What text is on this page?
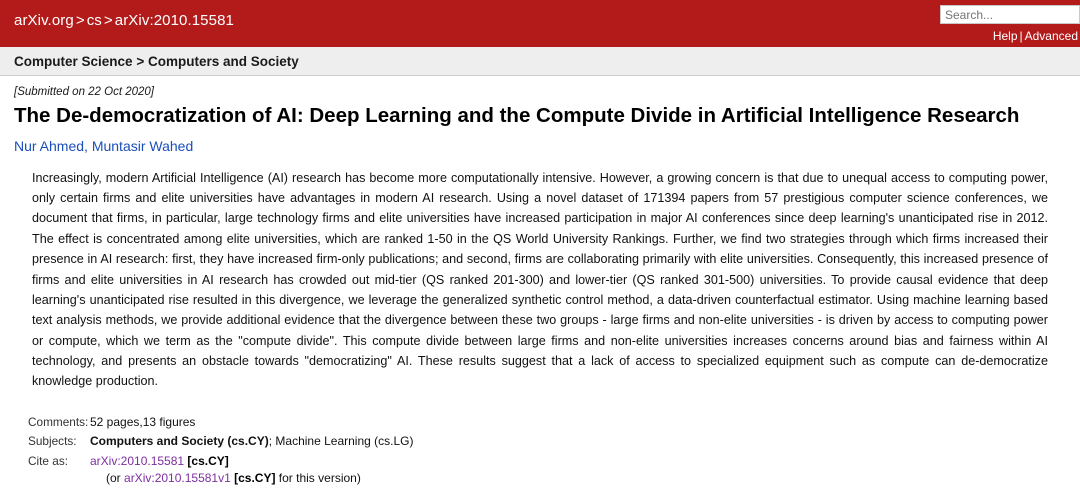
arXiv.org > cs > arXiv:2010.15581
Search...
Help | Advanced
Computer Science > Computers and Society
[Submitted on 22 Oct 2020]
The De-democratization of AI: Deep Learning and the Compute Divide in Artificial Intelligence Research
Nur Ahmed, Muntasir Wahed
Increasingly, modern Artificial Intelligence (AI) research has become more computationally intensive. However, a growing concern is that due to unequal access to computing power, only certain firms and elite universities have advantages in modern AI research. Using a novel dataset of 171394 papers from 57 prestigious computer science conferences, we document that firms, in particular, large technology firms and elite universities have increased participation in major AI conferences since deep learning's unanticipated rise in 2012. The effect is concentrated among elite universities, which are ranked 1-50 in the QS World University Rankings. Further, we find two strategies through which firms increased their presence in AI research: first, they have increased firm-only publications; and second, firms are collaborating primarily with elite universities. Consequently, this increased presence of firms and elite universities in AI research has crowded out mid-tier (QS ranked 201-300) and lower-tier (QS ranked 301-500) universities. To provide causal evidence that deep learning's unanticipated rise resulted in this divergence, we leverage the generalized synthetic control method, a data-driven counterfactual estimator. Using machine learning based text analysis methods, we provide additional evidence that the divergence between these two groups - large firms and non-elite universities - is driven by access to computing power or compute, which we term as the "compute divide". This compute divide between large firms and non-elite universities increases concerns around bias and fairness within AI technology, and presents an obstacle towards "democratizing" AI. These results suggest that a lack of access to specialized equipment such as compute can de-democratize knowledge production.
Comments: 52 pages,13 figures
Subjects:	Computers and Society (cs.CY); Machine Learning (cs.LG)
Cite as:	arXiv:2010.15581 [cs.CY]
(or arXiv:2010.15581v1 [cs.CY] for this version)
